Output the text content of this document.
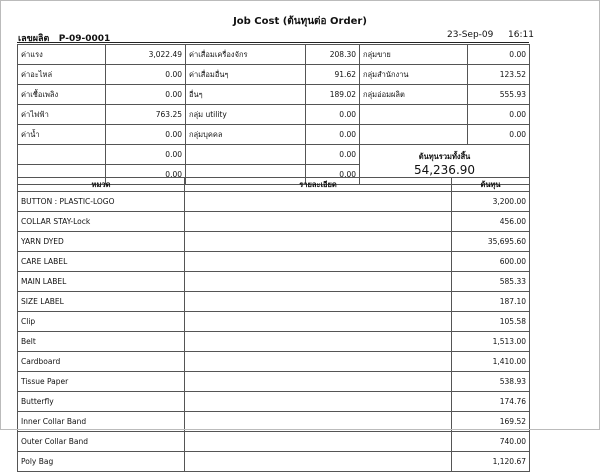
Job Cost (ต้นทุนต่อ Order)
เลขผลิต P-09-0001	23-Sep-09 16:11
ค่าแรง	3,022.49	ค่าเสื่อมเครื่องจักร	208.30	กลุ่มขาย	0.00
ค่าอะไหล่	0.00	ค่าเสื่อมอื่นๆ	91.62	กลุ่มสำนักงาน	123.52
ค่าเชื้อเพลิง	0.00	อื่นๆ	189.02	กลุ่มอ่อมผลิต	555.93
ค่าไฟฟ้า	763.25	กลุ่ม utility	0.00		0.00
ค่าน้ำ	0.00	กลุ่มบุคคล	0.00		0.00
	0.00		0.00	ต้นทุนรวมทั้งสิ้น
54,236.90	

	0.00		0.00		
หมวด	รายละเอียด	ต้นทุน
BUTTON : PLASTIC-LOGO		3,200.00
COLLAR STAY-Lock		456.00
YARN DYED		35,695.60
CARE LABEL		600.00
MAIN LABEL		585.33
SIZE LABEL		187.10
Clip		105.58
Belt		1,513.00
Cardboard		1,410.00
Tissue Paper		538.93
Butterfly		174.76
Inner Collar Band		169.52
Outer Collar Band		740.00
Poly Bag		1,120.67
